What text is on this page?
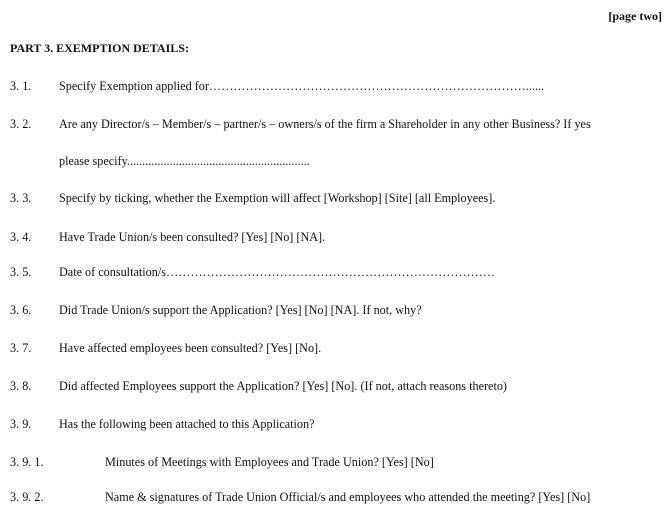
[page two]
PART 3. EXEMPTION DETAILS:
3. 1. Specify Exemption applied for……………………………………………………………………......
3. 2. Are any Director/s – Member/s – partner/s – owners/s of the firm a Shareholder in any other Business? If yes
please specify............................................................
3. 3. Specify by ticking, whether the Exemption will affect [Workshop] [Site] [all Employees].
3. 4. Have Trade Union/s been consulted? [Yes] [No] [NA].
3. 5. Date of consultation/s………………………………………………………………………
3. 6. Did Trade Union/s support the Application? [Yes] [No] [NA]. If not, why?
3. 7. Have affected employees been consulted? [Yes] [No].
3. 8. Did affected Employees support the Application? [Yes] [No]. (If not, attach reasons thereto)
3. 9. Has the following been attached to this Application?
3. 9. 1.	Minutes of Meetings with Employees and Trade Union? [Yes] [No]
3. 9. 2.	Name & signatures of Trade Union Official/s and employees who attended the meeting? [Yes] [No]
